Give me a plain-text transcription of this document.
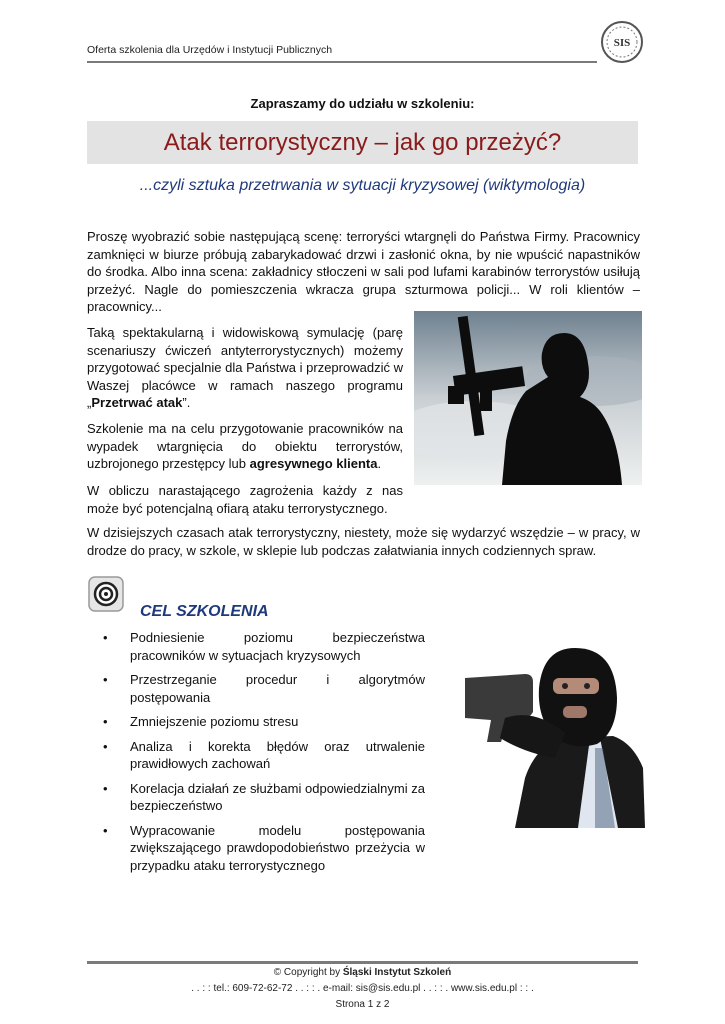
Oferta szkolenia dla Urzędów i Instytucji Publicznych
SIS
Zapraszamy do udziału w szkoleniu:
Atak terrorystyczny – jak go przeżyć?
...czyli sztuka przetrwania w sytuacji kryzysowej (wiktymologia)

Proszę wyobrazić sobie następującą scenę: terroryści wtargnęli do Państwa Firmy. Pracownicy zamknięci w biurze próbują zabarykadować drzwi i zasłonić okna, by nie wpuścić napastników do środka. Albo inna scena: zakładnicy stłoczeni w sali pod lufami karabinów terrorystów usiłują przeżyć. Nagle do pomieszczenia wkracza grupa szturmowa policji... W roli klientów – pracownicy...

Taką spektakularną i widowiskową symulację (parę scenariuszy ćwiczeń antyterrorystycznych) możemy przygotować specjalnie dla Państwa i przeprowadzić w Waszej placówce w ramach naszego programu „Przetrwać atak”.

Szkolenie ma na celu przygotowanie pracowników na wypadek wtargnięcia do obiektu terrorystów, uzbrojonego przestępcy lub agresywnego klienta.

W obliczu narastającego zagrożenia każdy z nas może być potencjalną ofiarą ataku terrorystycznego.

W dzisiejszych czasach atak terrorystyczny, niestety, może się wydarzyć wszędzie – w pracy, w drodze do pracy, w szkole, w sklepie lub podczas załatwiania innych codziennych spraw.

CEL SZKOLENIA
• Podniesienie poziomu bezpieczeństwa pracowników w sytuacjach kryzysowych
• Przestrzeganie procedur i algorytmów postępowania
• Zmniejszenie poziomu stresu
• Analiza i korekta błędów oraz utrwalenie prawidłowych zachowań
• Korelacja działań ze służbami odpowiedzialnymi za bezpieczeństwo
• Wypracowanie modelu postępowania zwiększającego prawdopodobieństwo przeżycia w przypadku ataku terrorystycznego
© Copyright by Śląski Instytut Szkoleń
. . : : tel.: 609-72-62-72 . . : : . e-mail: sis@sis.edu.pl . . : : . www.sis.edu.pl : : .
Strona 1 z 2
